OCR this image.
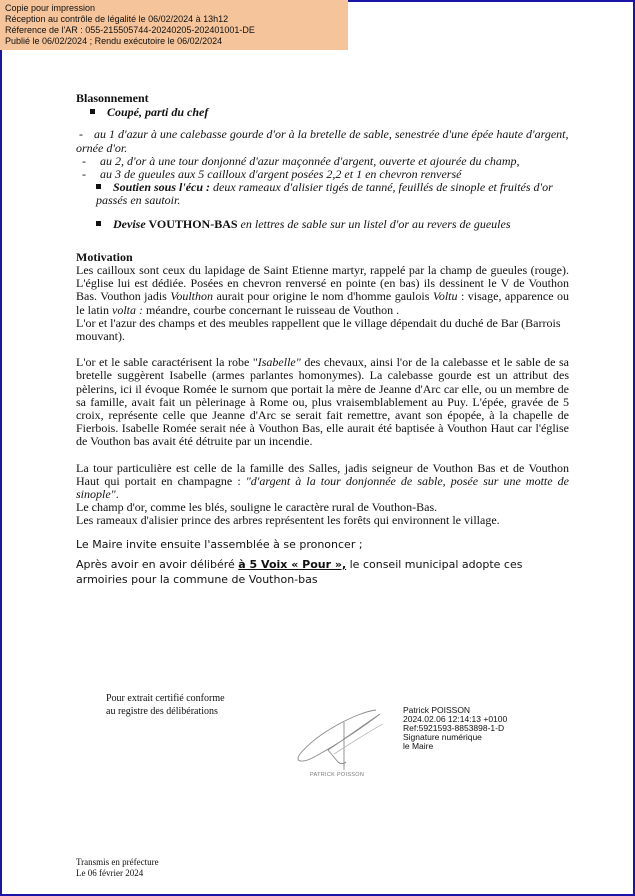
Copie pour impression
Réception au contrôle de légalité le 06/02/2024 à 13h12
Réference de l'AR : 055-215505744-20240205-202401001-DE
Publié le 06/02/2024 ; Rendu exécutoire le 06/02/2024
Blasonnement
Coupé, parti du chef
- au 1 d'azur à une calebasse gourde d'or à la bretelle de sable, senestrée d'une épée haute d'argent, ornée d'or.
-	au 2, d'or à une tour donjonné d'azur maçonnée d'argent, ouverte et ajourée du champ,
-	au 3 de gueules aux 5 cailloux d'argent posées 2,2 et 1 en chevron renversé
Soutien sous l'écu : deux rameaux d'alisier tigés de tanné, feuillés de sinople et fruités d'or passés en sautoir.
Devise VOUTHON-BAS en lettres de sable sur un listel d'or au revers de gueules
Motivation
Les cailloux sont ceux du lapidage de Saint Etienne martyr, rappelé par la champ de gueules (rouge). L'église lui est dédiée. Posées en chevron renversé en pointe (en bas) ils dessinent le V de Vouthon Bas. Vouthon jadis Voulthon aurait pour origine le nom d'homme gaulois Voltu : visage, apparence ou le latin volta : méandre, courbe concernant le ruisseau de Vouthon .
L'or et l'azur des champs et des meubles rappellent que le village dépendait du duché de Bar (Barrois mouvant).
L'or et le sable caractérisent la robe "Isabelle" des chevaux, ainsi l'or de la calebasse et le sable de sa bretelle suggèrent Isabelle (armes parlantes homonymes). La calebasse gourde est un attribut des pèlerins, ici il évoque Romée le surnom que portait la mère de Jeanne d'Arc car elle, ou un membre de sa famille, avait fait un pèlerinage à Rome ou, plus vraisemblablement au Puy. L'épée, gravée de 5 croix, représente celle que Jeanne d'Arc se serait fait remettre, avant son épopée, à la chapelle de Fierbois. Isabelle Romée serait née à Vouthon Bas, elle aurait été baptisée à Vouthon Haut car l'église de Vouthon bas avait été détruite par un incendie.
La tour particulière est celle de la famille des Salles, jadis seigneur de Vouthon Bas et de Vouthon Haut qui portait en champagne : "d'argent à la tour donjonnée de sable, posée sur une motte de sinople".
Le champ d'or, comme les blés, souligne le caractère rural de Vouthon-Bas.
Les rameaux d'alisier prince des arbres représentent les forêts qui environnent le village.
Le Maire invite ensuite l'assemblée à se prononcer ;
Après avoir en avoir délibéré à 5 Voix « Pour », le conseil municipal adopte ces armoiries pour la commune de Vouthon-bas
Pour extrait certifié conforme
au registre des délibérations
PATRICK POISSON
Patrick POISSON
2024.02.06 12:14:13 +0100
Ref:5921593-8853898-1-D
Signature numérique
le Maire
Transmis en préfecture
Le 06 février 2024
